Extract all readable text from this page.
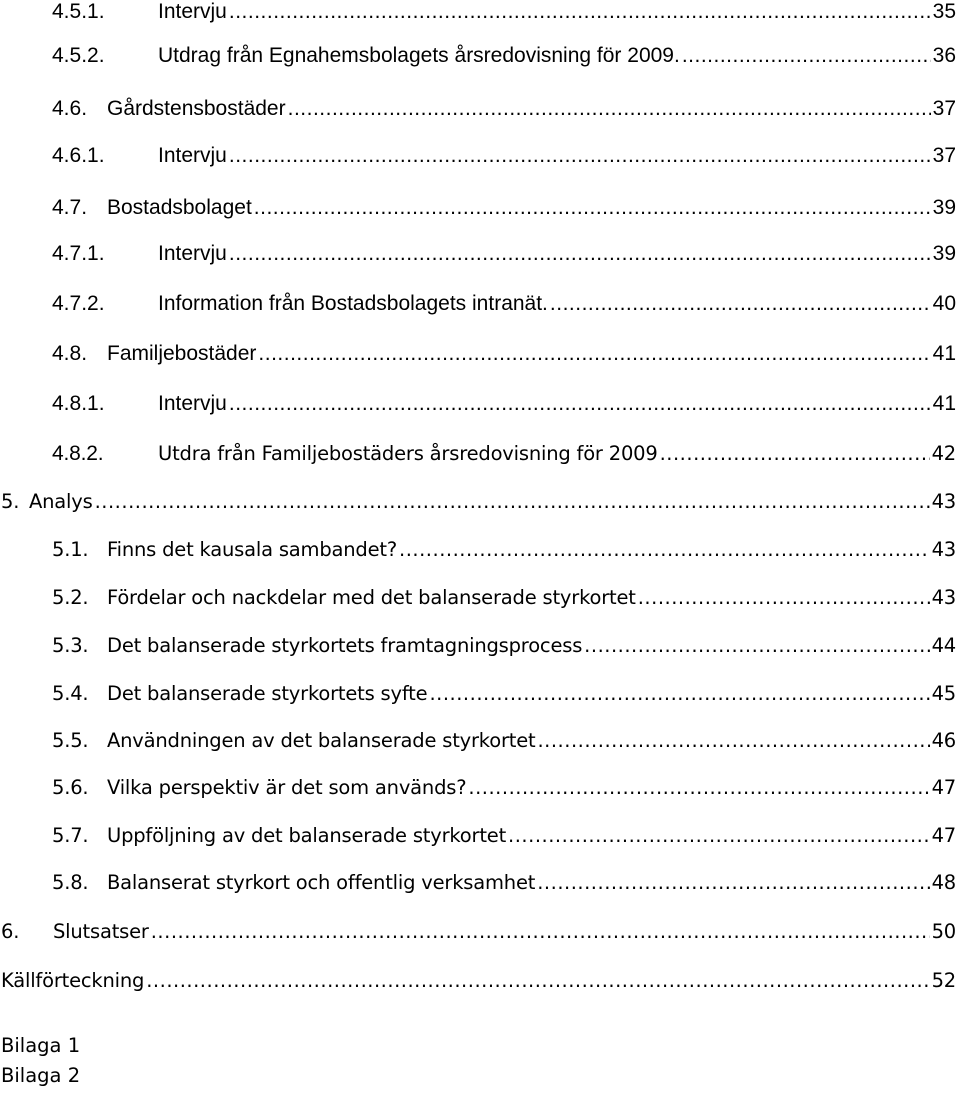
4.5.1.	Intervju .....	35
4.5.2.	Utdrag från Egnahemsbolagets årsredovisning för 2009. .....	36
4.6. Gårdstensbostäder .....	37
4.6.1.	Intervju .....	37
4.7. Bostadsbolaget .....	39
4.7.1.	Intervju .....	39
4.7.2.	Information från Bostadsbolagets intranät. .....	40
4.8. Familjebostäder .....	41
4.8.1.	Intervju .....	41
4.8.2.	Utdra från Familjebostäders årsredovisning för 2009 .....	42
5. Analys .....	43
5.1. Finns det kausala sambandet? .....	43
5.2. Fördelar och nackdelar med det balanserade styrkortet .....	43
5.3. Det balanserade styrkortets framtagningsprocess .....	44
5.4. Det balanserade styrkortets syfte .....	45
5.5. Användningen av det balanserade styrkortet .....	46
5.6. Vilka perspektiv är det som används? .....	47
5.7. Uppföljning av det balanserade styrkortet .....	47
5.8. Balanserat styrkort och offentlig verksamhet .....	48
6.	Slutsatser .....	50
Källförteckning .....	52
Bilaga 1
Bilaga 2
